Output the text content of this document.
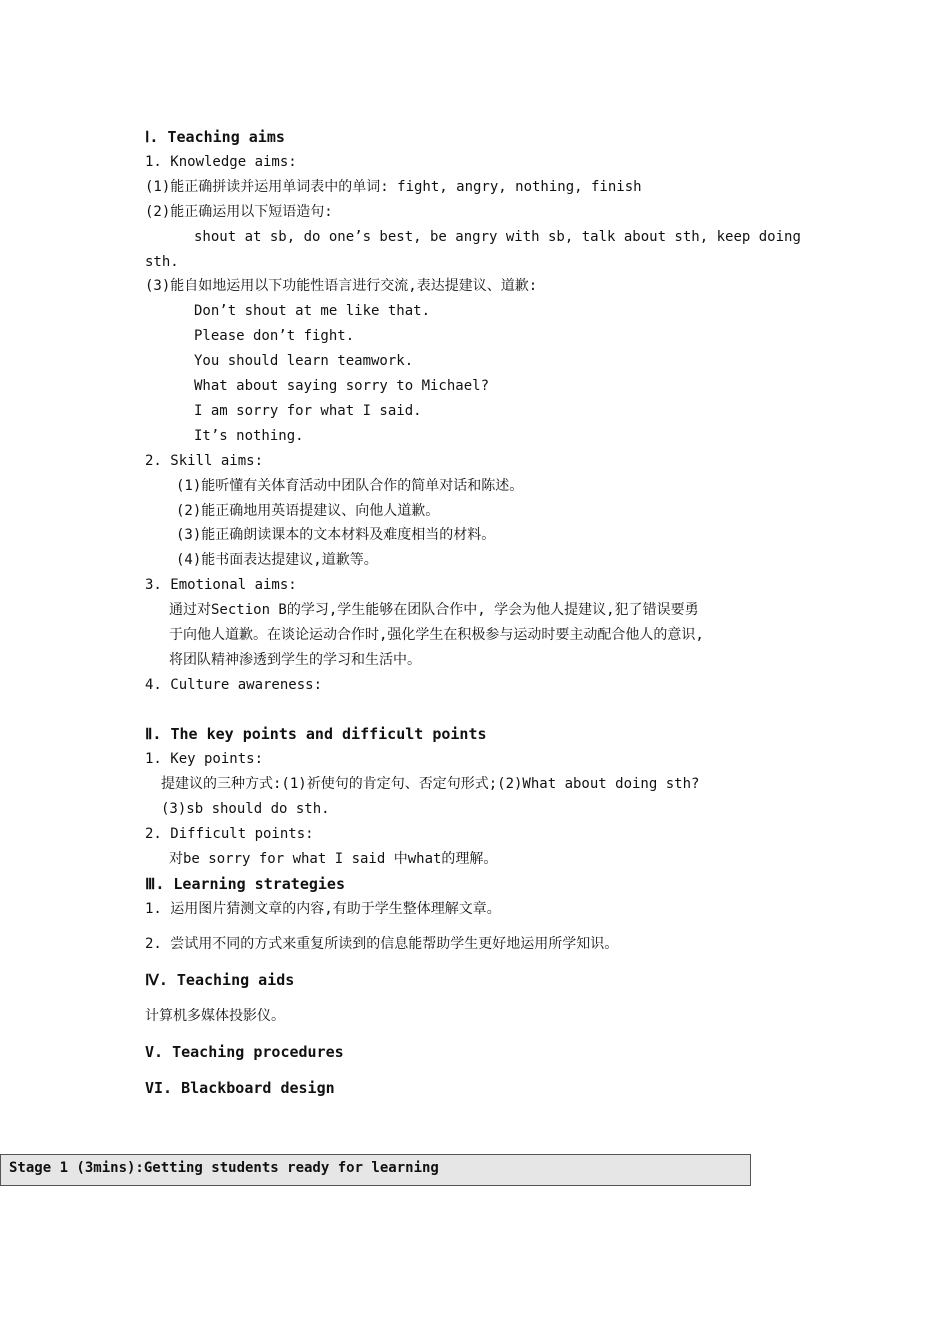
Ⅰ. Teaching aims
1. Knowledge aims:
(1)能正确拼读并运用单词表中的单词: fight, angry, nothing, finish
(2)能正确运用以下短语造句:
shout at sb, do one’s best, be angry with sb, talk about sth, keep doing
sth.
(3)能自如地运用以下功能性语言进行交流,表达提建议、道歉:
Don’t shout at me like that.
Please don’t fight.
You should learn teamwork.
What about saying sorry to Michael?
I am sorry for what I said.
It’s nothing.
2. Skill aims:
(1)能听懂有关体育活动中团队合作的简单对话和陈述。
(2)能正确地用英语提建议、向他人道歉。
(3)能正确朗读课本的文本材料及难度相当的材料。
(4)能书面表达提建议,道歉等。
3. Emotional aims:
通过对Section B的学习,学生能够在团队合作中, 学会为他人提建议,犯了错误要勇
于向他人道歉。在谈论运动合作时,强化学生在积极参与运动时要主动配合他人的意识,
将团队精神渗透到学生的学习和生活中。
4. Culture awareness:
Ⅱ. The key points and difficult points
1. Key points:
提建议的三种方式:(1)祈使句的肯定句、否定句形式;(2)What about doing sth?
(3)sb should do sth.
2. Difficult points:
对be sorry for what I said 中what的理解。
Ⅲ. Learning strategies
1. 运用图片猜测文章的内容,有助于学生整体理解文章。
2. 尝试用不同的方式来重复所读到的信息能帮助学生更好地运用所学知识。
Ⅳ. Teaching aids
计算机多媒体投影仪。
V. Teaching procedures
VI. Blackboard design
Stage 1 (3mins):Getting students ready for learning
